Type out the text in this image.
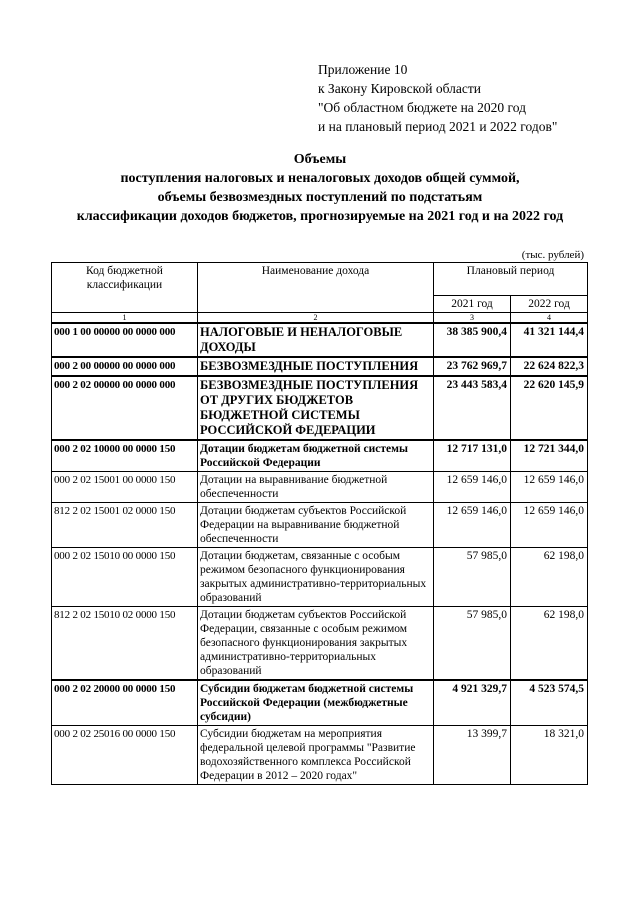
Приложение 10
к Закону Кировской области
"Об областном бюджете на 2020 год
и на плановый период 2021 и 2022 годов"
Объемы
поступления налоговых и неналоговых доходов общей суммой,
объемы безвозмездных поступлений по подстатьям
классификации доходов бюджетов, прогнозируемые на 2021 год и на 2022 год
(тыс. рублей)
Код бюджетной классификации	Наименование дохода	Плановый период	
		2021 год	2022 год
1	2	3	4
000 1 00 00000 00 0000 000	НАЛОГОВЫЕ И НЕНАЛОГОВЫЕ ДОХОДЫ	38 385 900,4	41 321 144,4
000 2 00 00000 00 0000 000	БЕЗВОЗМЕЗДНЫЕ ПОСТУПЛЕНИЯ	23 762 969,7	22 624 822,3
000 2 02 00000 00 0000 000	БЕЗВОЗМЕЗДНЫЕ ПОСТУПЛЕНИЯ ОТ ДРУГИХ БЮДЖЕТОВ БЮДЖЕТНОЙ СИСТЕМЫ РОССИЙСКОЙ ФЕДЕРАЦИИ	23 443 583,4	22 620 145,9
000 2 02 10000 00 0000 150	Дотации бюджетам бюджетной системы Российской Федерации	12 717 131,0	12 721 344,0
000 2 02 15001 00 0000 150	Дотации на выравнивание бюджетной обеспеченности	12 659 146,0	12 659 146,0
812 2 02 15001 02 0000 150	Дотации бюджетам субъектов Российской Федерации на выравнивание бюджетной обеспеченности	12 659 146,0	12 659 146,0
000 2 02 15010 00 0000 150	Дотации бюджетам, связанные с особым режимом безопасного функционирования закрытых административно-территориальных образований	57 985,0	62 198,0
812 2 02 15010 02 0000 150	Дотации бюджетам субъектов Российской Федерации, связанные с особым режимом безопасного функционирования закрытых административно-территориальных образований	57 985,0	62 198,0
000 2 02 20000 00 0000 150	Субсидии бюджетам бюджетной системы Российской Федерации (межбюджетные субсидии)	4 921 329,7	4 523 574,5
000 2 02 25016 00 0000 150	Субсидии бюджетам на мероприятия федеральной целевой программы "Развитие водохозяйственного комплекса Российской Федерации в 2012 – 2020 годах"	13 399,7	18 321,0
